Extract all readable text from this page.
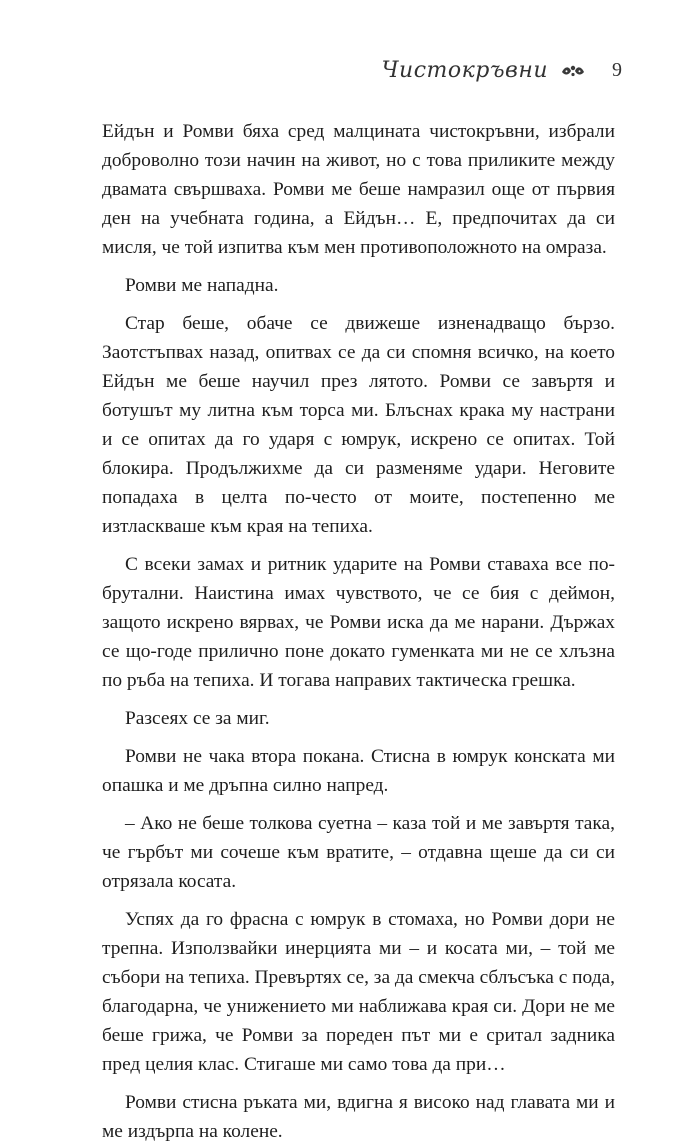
Чистокръвни	9

Ейдън и Ромви бяха сред малцината чистокръвни, избрали доброволно този начин на живот, но с това приликите между двамата свършваха. Ромви ме беше намразил още от първия ден на учебната година, а Ейдън… Е, предпочитах да си мисля, че той изпитва към мен противоположното на омраза.

Ромви ме нападна.

Стар беше, обаче се движеше изненадващо бързо. Заотстъпвах назад, опитвах се да си спомня всичко, на което Ейдън ме беше научил през лятото. Ромви се завъртя и ботушът му литна към торса ми. Блъснах крака му настрани и се опитах да го ударя с юмрук, искрено се опитах. Той блокира. Продължихме да си разменяме удари. Неговите попадаха в целта по-често от моите, постепенно ме изтласкваше към края на тепиха.

С всеки замах и ритник ударите на Ромви ставаха все по-брутални. Наистина имах чувството, че се бия с деймон, защото искрено вярвах, че Ромви иска да ме нарани. Държах се що-годе прилично поне докато гуменката ми не се хлъзна по ръба на тепиха. И тогава направих тактическа грешка.

Разсеях се за миг.

Ромви не чака втора покана. Стисна в юмрук конската ми опашка и ме дръпна силно напред.

– Ако не беше толкова суетна – каза той и ме завъртя така, че гърбът ми сочеше към вратите, – отдавна щеше да си си отрязала косата.

Успях да го фрасна с юмрук в стомаха, но Ромви дори не трепна. Използвайки инерцията ми – и косата ми, – той ме събори на тепиха. Превъртях се, за да смекча сблъсъка с пода, благодарна, че унижението ми наближава края си. Дори не ме беше грижа, че Ромви за пореден път ми е сритал задника пред целия клас. Стигаше ми само това да при…

Ромви стисна ръката ми, вдигна я високо над главата ми и ме издърпа на колене.
